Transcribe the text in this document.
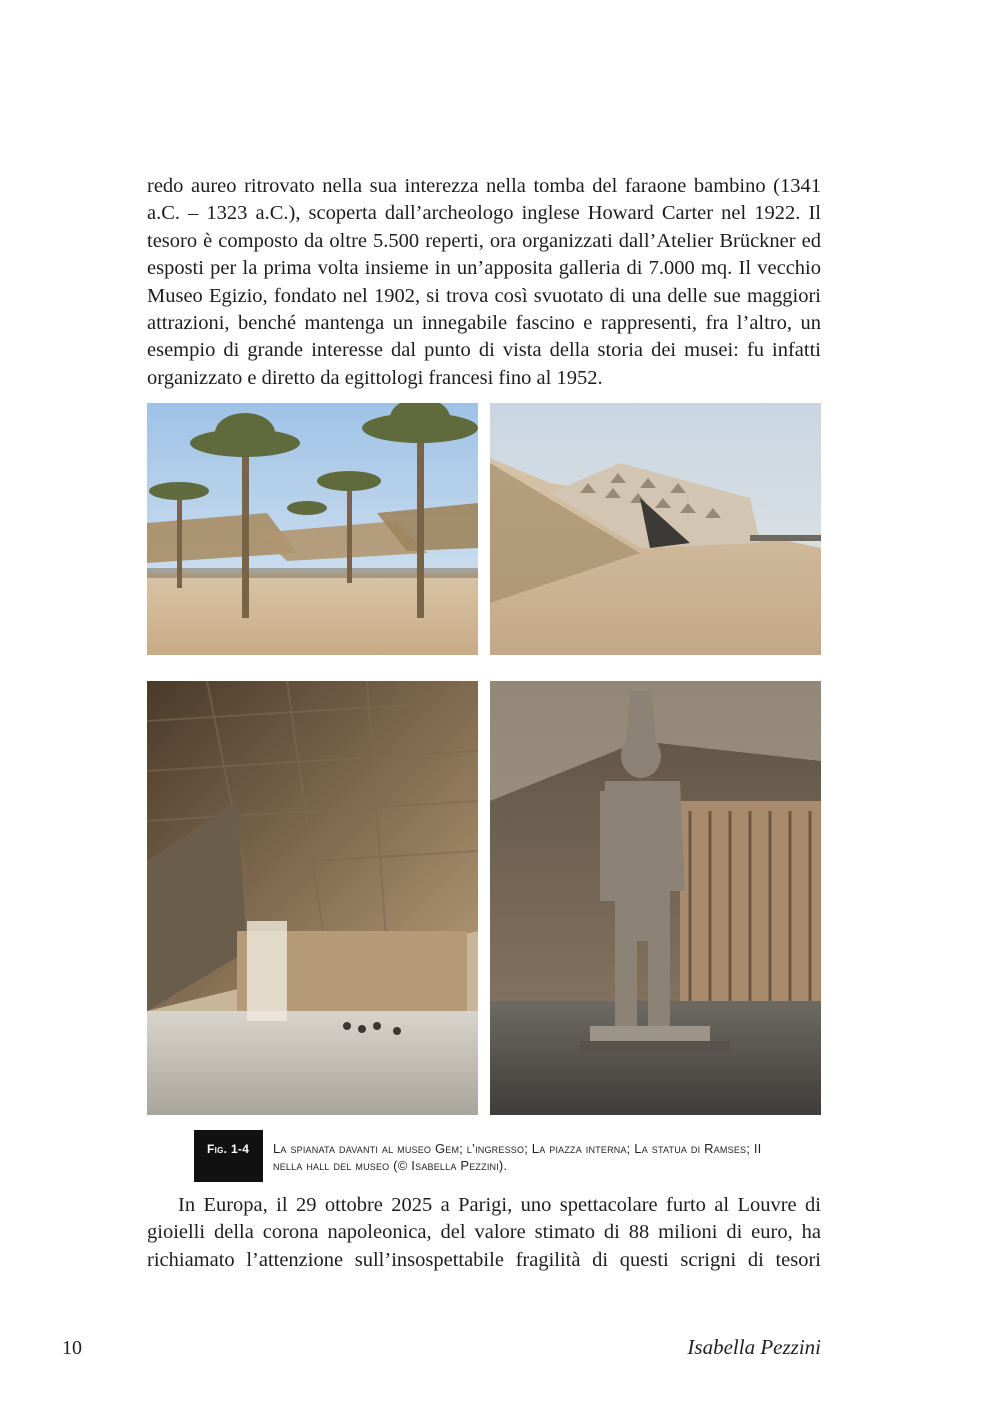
redo aureo ritrovato nella sua interezza nella tomba del faraone bambino (1341 a.C. – 1323 a.C.), scoperta dall’archeologo inglese Howard Carter nel 1922. Il tesoro è composto da oltre 5.500 reperti, ora organizzati dall’Atelier Brückner ed esposti per la prima volta insieme in un’apposita galleria di 7.000 mq. Il vecchio Museo Egizio, fondato nel 1902, si trova così svuotato di una delle sue maggiori attrazioni, benché mantenga un innegabile fascino e rappresenti, fra l’altro, un esempio di grande interesse dal punto di vista della storia dei musei: fu infatti organizzato e diretto da egittologi francesi fino al 1952.

Fig. 1-4	La spianata davanti al museo Gem; l’ingresso; La piazza interna; La statua di Ramses; II nella hall del museo (© Isabella Pezzini).

In Europa, il 29 ottobre 2025 a Parigi, uno spettacolare furto al Louvre di gioielli della corona napoleonica, del valore stimato di 88 milioni di euro, ha richiamato l’attenzione sull’insospettabile fragilità di questi scrigni di tesori

10	Isabella Pezzini
